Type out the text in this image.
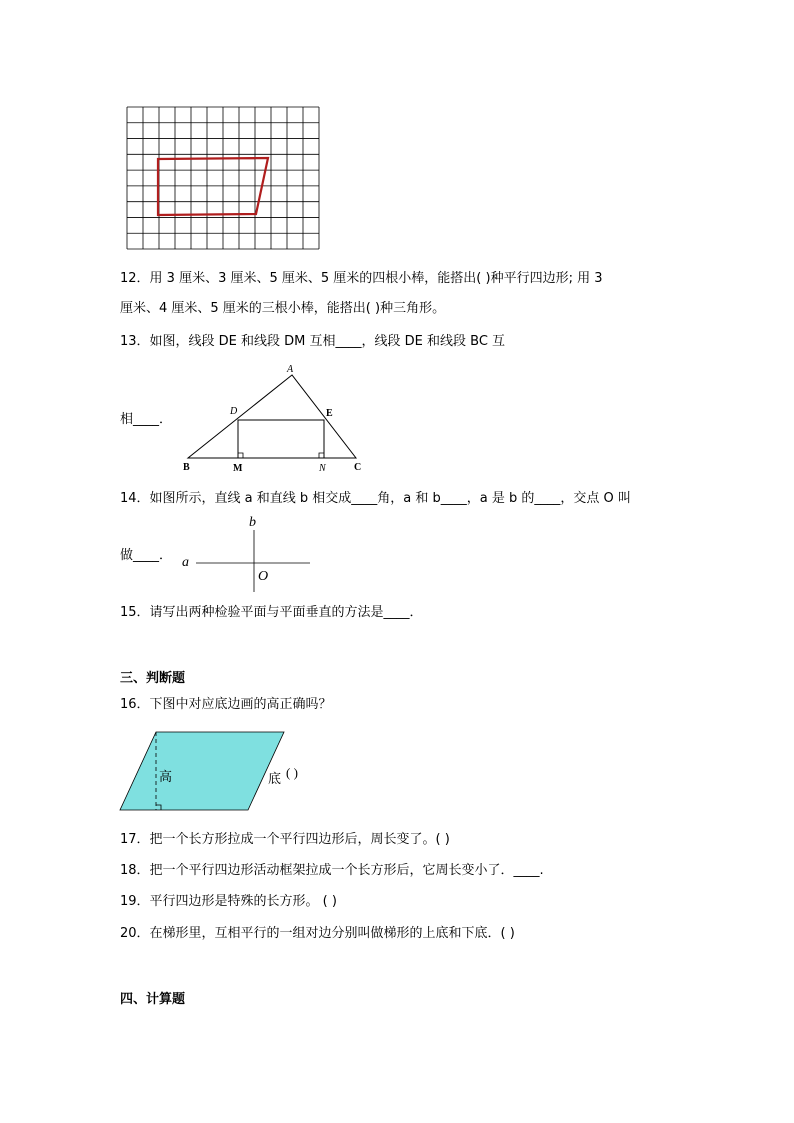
12．用 3 厘米、3 厘米、5 厘米、5 厘米的四根小棒，能搭出( )种平行四边形; 用 3
厘米、4 厘米、5 厘米的三根小棒，能搭出( )种三角形。
13．如图，线段 DE 和线段 DM 互相____，线段 DE 和线段 BC 互
相____．
A
D	E
B	M	N	C
14．如图所示，直线 a 和直线 b 相交成____角，a 和 b____，a 是 b 的____，交点 O 叫
做____． a
b
O
15．请写出两种检验平面与平面垂直的方法是____．
三、判断题
16．下图中对应底边画的高正确吗？
高	底 ( )
17．把一个长方形拉成一个平行四边形后，周长变了。( )
18．把一个平行四边形活动框架拉成一个长方形后，它周长变小了．____.
19．平行四边形是特殊的长方形。 ( )
20．在梯形里，互相平行的一组对边分别叫做梯形的上底和下底．( )
四、计算题
